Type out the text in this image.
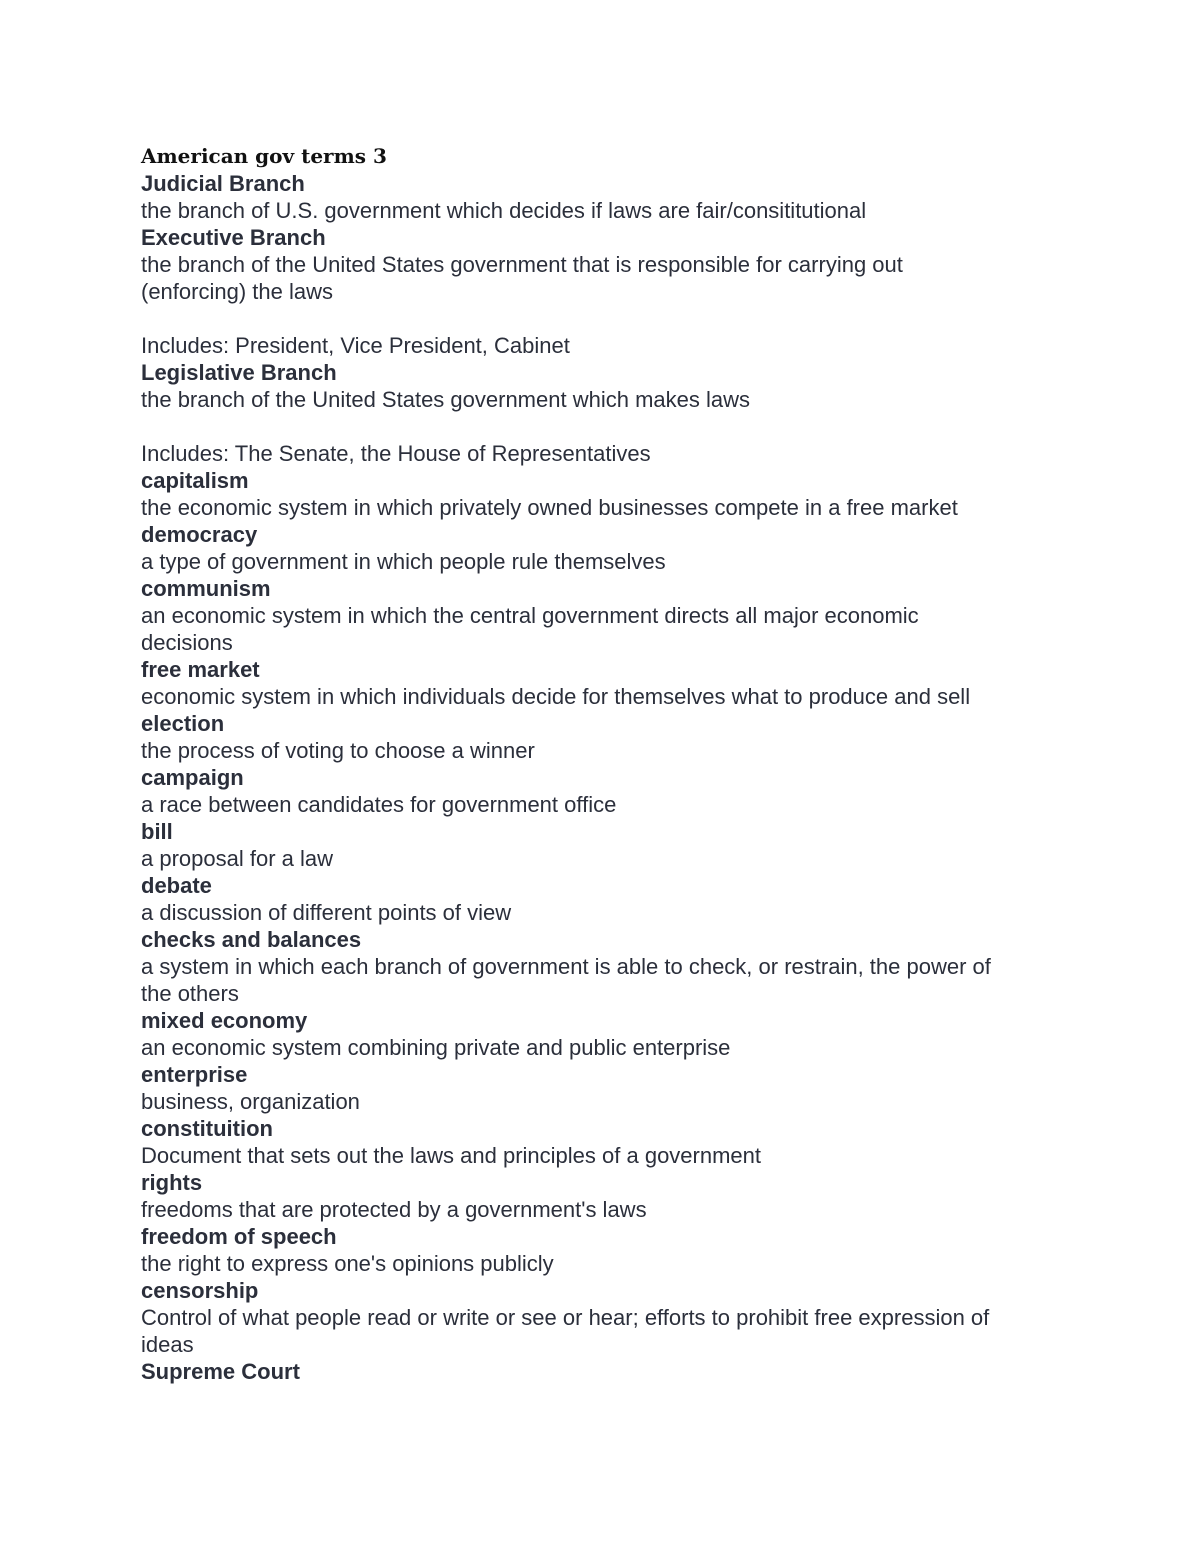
American gov terms 3

Judicial Branch

the branch of U.S. government which decides if laws are fair/consititutional

Executive Branch

the branch of the United States government that is responsible for carrying out
(enforcing) the laws

Includes: President, Vice President, Cabinet

Legislative Branch

the branch of the United States government which makes laws

Includes: The Senate, the House of Representatives

capitalism

the economic system in which privately owned businesses compete in a free market

democracy

a type of government in which people rule themselves

communism

an economic system in which the central government directs all major economic
decisions

free market

economic system in which individuals decide for themselves what to produce and sell

election

the process of voting to choose a winner

campaign

a race between candidates for government office

bill

a proposal for a law

debate

a discussion of different points of view

checks and balances

a system in which each branch of government is able to check, or restrain, the power of
the others

mixed economy

an economic system combining private and public enterprise

enterprise

business, organization

constituition

Document that sets out the laws and principles of a government

rights

freedoms that are protected by a government's laws

freedom of speech

the right to express one's opinions publicly

censorship

Control of what people read or write or see or hear; efforts to prohibit free expression of
ideas

Supreme Court
